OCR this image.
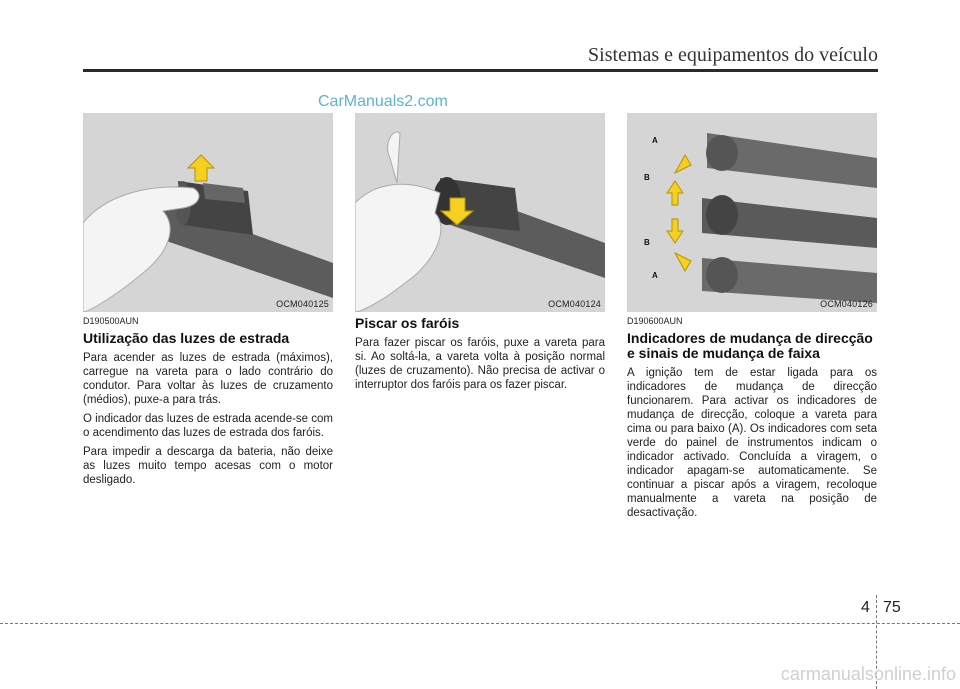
Sistemas e equipamentos do veículo
CarManuals2.com
OCM040125	OCM040124
A
B
B
A
OCM040126
D190500AUN
Utilização das luzes de estrada

Para acender as luzes de estrada (máximos), carregue na vareta para o lado contrário do condutor. Para voltar às luzes de cruzamento (médios), puxe-a para trás.

O indicador das luzes de estrada acende-se com o acendimento das luzes de estrada dos faróis.

Para impedir a descarga da bateria, não deixe as luzes muito tempo acesas com o motor desligado.

Piscar os faróis

Para fazer piscar os faróis, puxe a vareta para si. Ao soltá-la, a vareta volta à posição normal (luzes de cruzamento). Não precisa de activar o interruptor dos faróis para os fazer piscar.

D190600AUN
Indicadores de mudança de direcção e sinais de mudança de faixa

A ignição tem de estar ligada para os indicadores de mudança de direcção funcionarem. Para activar os indicadores de mudança de direcção, coloque a vareta para cima ou para baixo (A). Os indicadores com seta verde do painel de instrumentos indicam o indicador activado. Concluída a viragem, o indicador apagam-se automaticamente. Se continuar a piscar após a viragem, recoloque manualmente a vareta na posição de desactivação.

4 75
carmanualsonline.info
